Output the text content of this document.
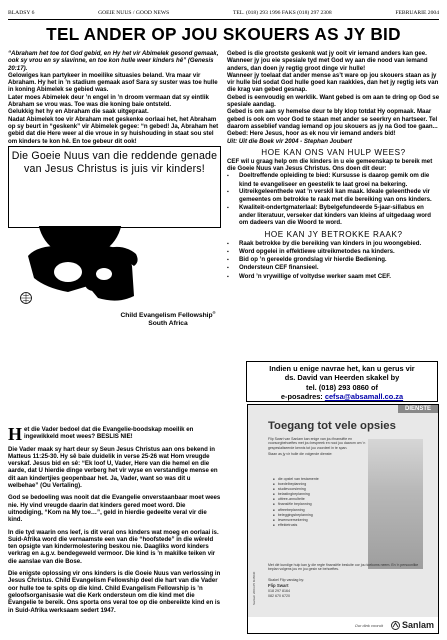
BLADSY 6	GOEIE NUUS / GOOD NEWS	TEL. (018) 293 1996 FAKS (018) 297 2308	FEBRUARIE 2004
TEL ANDER OP JOU SKOUERS AS JY BID

“Abraham het toe tot God gebid, en Hy het vir Abimelek gesond gemaak, ook sy vrou en sy slavinne, en toe kon hulle weer kinders hê” (Genesis 20:17).

Gelowiges kan partykeer in moeilike situasies beland. Vra maar vir Abraham. Hy het in ’n stadium gemaak asof Sara sy suster was toe hulle in koning Abimelek se gebied was.

Later moes Abimelek deur ’n engel in ’n droom vermaan dat sy eintlik Abraham se vrou was. Toe was die koning baie ontsteld.

Gelukkig het hy en Abraham die saak uitgepraat.

Nadat Abimelek toe vir Abraham met geskenke oorlaai het, het Abraham op sy beurt in “geskenk” vir Abimelek gegee: “n gebed! Ja, Abraham het gebid dat die Here weer al die vroue in sy huishouding in staat sou stel om kinders te kon hê. En toe gebeur dit ook!

Die Goeie Nuus van die reddende genade van Jesus Christus is juis vir kinders!
Child Evangelism Fellowship®
South Africa

Het die Vader bedoel dat die Evangelie-boodskap moeilik en ingewikkeld moet wees? BESLIS NIE!

Die Vader maak sy hart deur sy Seun Jesus Christus aan ons bekend in Matteus 11:25-30. Hy sê baie duidelik in verse 25-26 wat Hom vreugde verskaf. Jesus bid en sê: “Ek loof U, Vader, Here van die hemel en die aarde, dat U hierdie dinge verberg het vir wyse en verstandige mense en dit aan kindertjies geopenbaar het. Ja, Vader, want so was dit u welbehae” (Ou Vertaling).

God se bedoeling was nooit dat die Evangelie onverstaanbaar moet wees nie. Hy vind vreugde daarin dat kinders gered moet word. Die uitnodiging, “Kom na My toe…”, geld in hierdie gedeelte veral vir die kind.

In die tyd waarin ons leef, is dit veral ons kinders wat moeg en oorlaai is. Suid-Afrika word die vernaamste een van die “hoofstede” in die wêreld ten opsigte van kindermolestering beskou nie. Daagliks word kinders verkrag en a.g.v. bendegeweld vermoor. Die kind is ’n makilke teiken vir die aanslae van die Bose.

Die enigste oplossing vir ons kinders is die Goeie Nuus van verlossing in Jesus Christus. Child Evangelism Fellowship deel die hart van die Vader oor hulle toe te spits op die kind. Child Evangelism Fellowship is ’n geloofsorganisasie wat die Kerk ondersteun om die kind met die Evangelie te bereik. Ons sporta ons veral toe op die onbereikte kind en is in Suid-Afrika werksaam sedert 1947.

Gebed is die grootste geskenk wat jy ooit vir iemand anders kan gee. Wanneer jy jou eie spesiale tyd met God wy aan die nood van iemand anders, dan doen jy regtig groot dinge vir hulle!

Wanneer jy toelaat dat ander mense as’t ware op jou skouers staan as jy vir hulle bid sodat God hulle goed kan raakkies, dan het jy regtig iets van die krag van gebed gesnap.

Gebed is eenvoudig en werklik. Want gebed is om aan te dring op God se spesiale aandag.

Gebed is om aan sy hemelse deur te bly klop totdat Hy oopmaak. Maar gebed is ook om voor God te staan met ander se seerkry en hartseer. Tel daarom asseblief vandag iemand op jou skouers as jy na God toe gaan...

Gebed: Here Jesus, hoor as ek nou vir iemand anders bid!

Uit: Uit die Boek vir 2004 - Stephan Joubert

HOE KAN ONS VAN HULP WEES?

CEF wil u graag help om die kinders in u eie gemeenskap te bereik met die Goeie Nuus van Jesus Christus. Ons doen dit deur:

▪ Doeltreffende opleiding te bied: Kursusse is daarop gemik om die kind te evangeliseer en geestelik te laat groei na bekering.
▪ Uitreikgeleenthede wat ’n verskil kan maak. Ideale geleenthede vir gemeentes om betrokke te raak met die bereiking van ons kinders.
▪ Kwaliteit-ondertgmaterlaal: Bybelgefundeerde 5-jaar-sillabus en ander literatuur, verseker dat kinders van kleins af uitgedaag word om dadeers van die Woord te word.
HOE KAN JY BETROKKE RAAK?
▪ Raak betrokke by die bereiking van kinders in jou woongebied.
▪ Word opgelei in effektiewe uitreikmetodes na kinders.
▪ Bid op ’n gereelde grondslag vir hierdie Bediening.
▪ Ondersteun CEF finansieel.
▪ Word ’n vrywillige of voltydse werker saam met CEF.
Indien u enige navrae het, kan u gerus vir
ds. David van Heerden skakel by
tel. (018) 293 0860 of
e-posadres: cefsa@absamall.co.za
DIENSTE
Toegang tot vele opsies
Flip Swart van Sanlam kan enige van jou finansiële en voorsorgbehoeftes met jou bespreek en nooi jou daarom om ’n gespesialiseerde kennis tot jou voordeel in te span.
Staan as jy vir hulle die volgende dienste:
■ die opstel van testamente
■ boedelbeplanning
■ studievoorsiening
■ belastingbeplanning
■ uittree-annuïteite
■ finansiële beplanning
■ aftreebeplanning
■ beleggingsbeplanning
■ lewensversekering
■ effektetrusts
Met dié kundige hulp kan jy die regte finansiële besluite oor jou toekoms neem. En ’n persoonlike beplan volgens jou en jou gesin se behoeftes.
Skakel Flip vandag by:
Flip Swart
018 297 8164
082 670 6720
Sanlam 2003-05 M-B030
Our dink vooruit Sanlam
